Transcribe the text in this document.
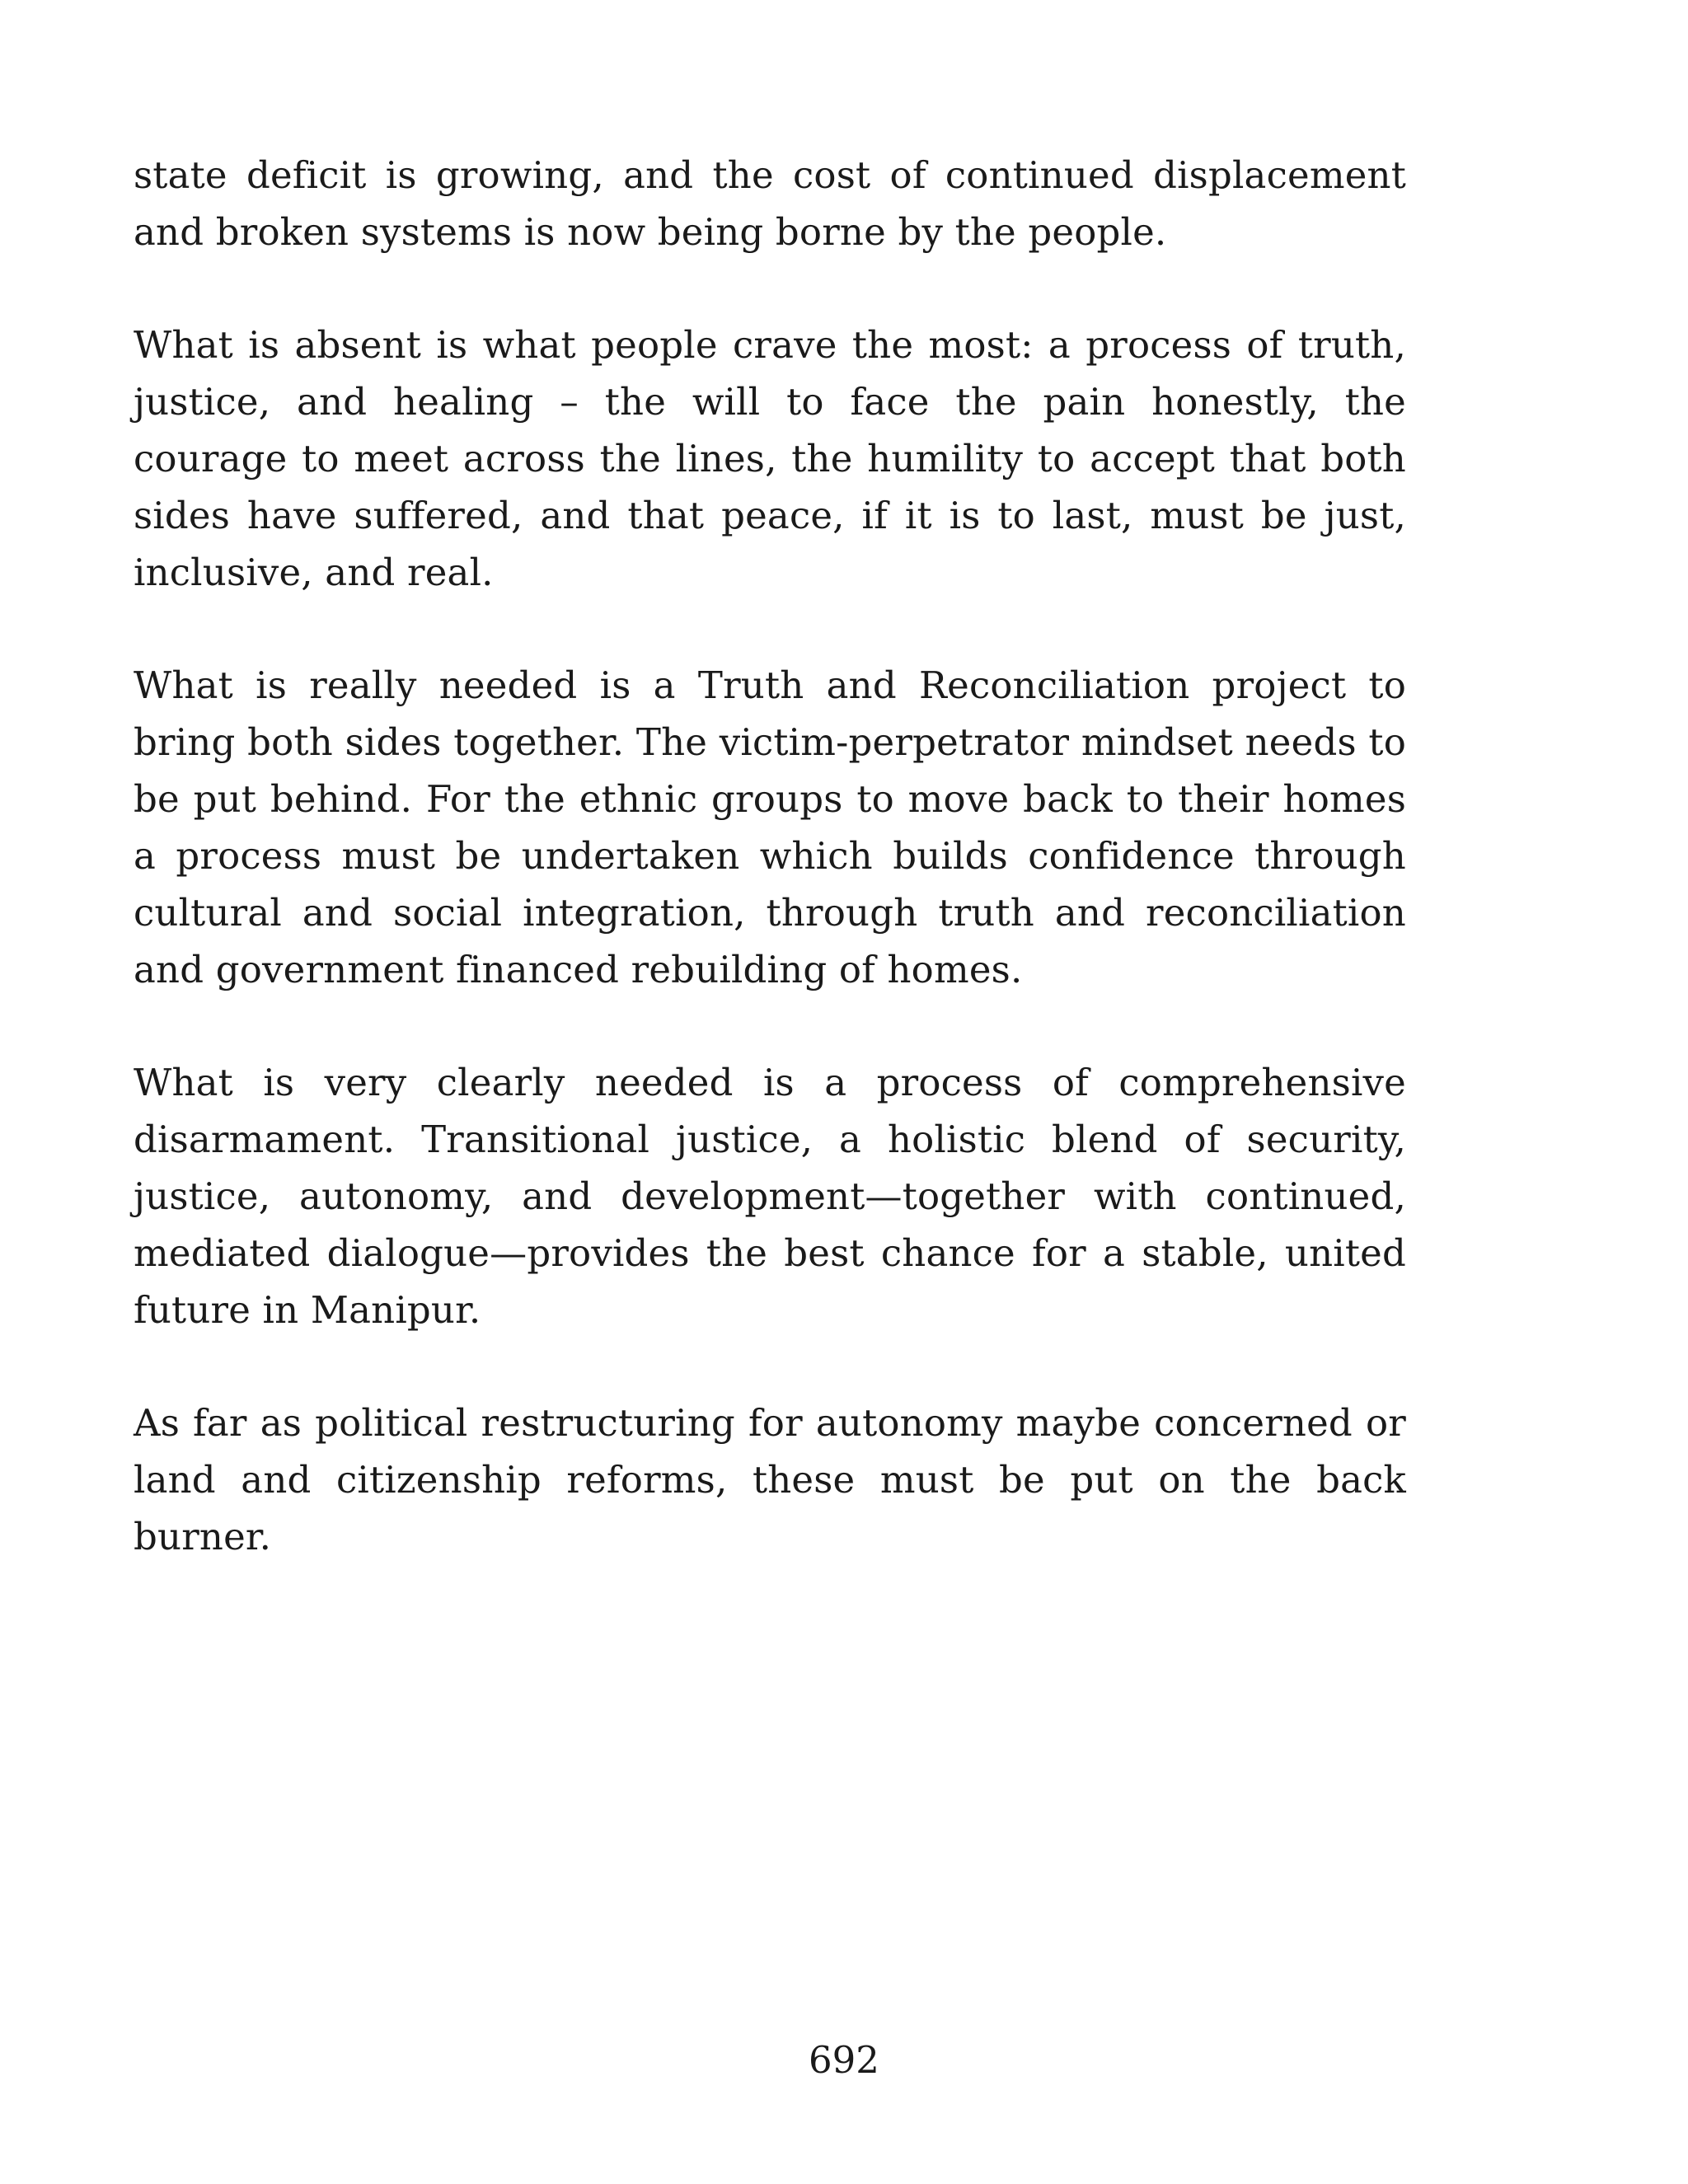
state deficit is growing, and the cost of continued displacement and broken systems is now being borne by the people.

What is absent is what people crave the most: a process of truth, justice, and healing – the will to face the pain honestly, the courage to meet across the lines, the humility to accept that both sides have suffered, and that peace, if it is to last, must be just, inclusive, and real.

What is really needed is a Truth and Reconciliation project to bring both sides together. The victim-perpetrator mindset needs to be put behind. For the ethnic groups to move back to their homes a process must be undertaken which builds confidence through cultural and social integration, through truth and reconciliation and government financed rebuilding of homes.

What is very clearly needed is a process of comprehensive disarmament. Transitional justice, a holistic blend of security, justice, autonomy, and development—together with continued, mediated dialogue—provides the best chance for a stable, united future in Manipur.

As far as political restructuring for autonomy maybe concerned or land and citizenship reforms, these must be put on the back burner.

692
